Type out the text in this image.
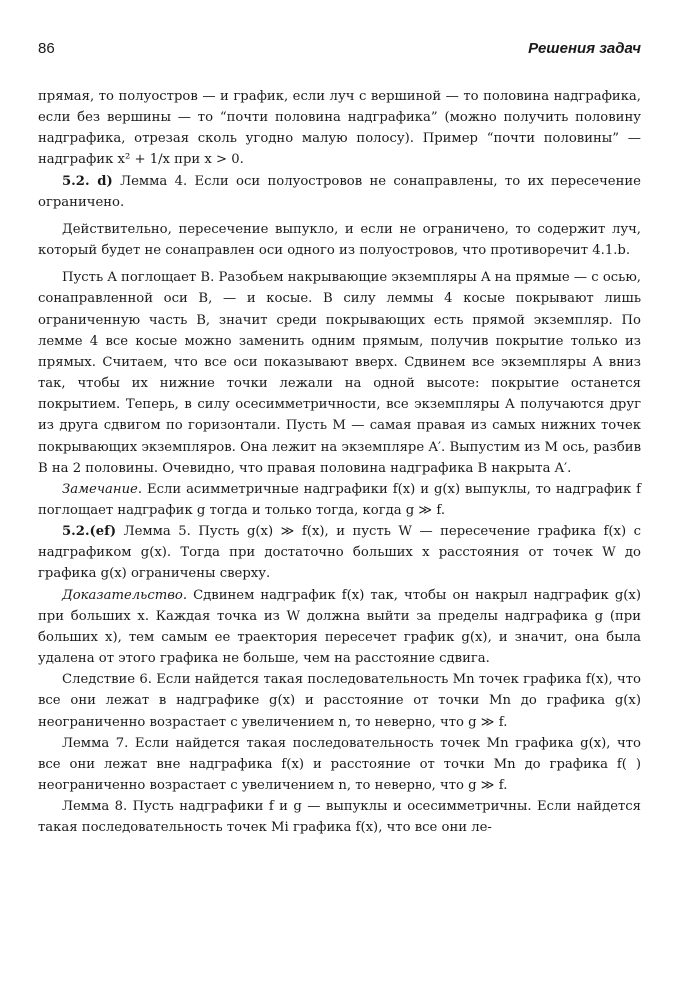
86	Решения задач

прямая, то полуостров — и график, если луч с вершиной — то половина надграфика, если без вершины — то “почти половина надграфика” (можно получить половину надграфика, отрезая сколь угодно малую полосу). Пример “почти половины” — надграфик x² + 1/x при x > 0.

5.2. d) Лемма 4. Если оси полуостровов не сонаправлены, то их пересечение ограничено.

Действительно, пересечение выпукло, и если не ограничено, то содержит луч, который будет не сонаправлен оси одного из полуостровов, что противоречит 4.1.b.

Пусть A поглощает B. Разобьем накрывающие экземпляры A на прямые — с осью, сонаправленной оси B, — и косые. В силу леммы 4 косые покрывают лишь ограниченную часть B, значит среди покрывающих есть прямой экземпляр. По лемме 4 все косые можно заменить одним прямым, получив покрытие только из прямых. Считаем, что все оси показывают вверх. Сдвинем все экземпляры A вниз так, чтобы их нижние точки лежали на одной высоте: покрытие останется покрытием. Теперь, в силу осесимметричности, все экземпляры A получаются друг из друга сдвигом по горизонтали. Пусть M — самая правая из самых нижних точек покрывающих экземпляров. Она лежит на экземпляре A′. Выпустим из M ось, разбив B на 2 половины. Очевидно, что правая половина надграфика B накрыта A′.

Замечание. Если асимметричные надграфики f(x) и g(x) выпуклы, то надграфик f поглощает надграфик g тогда и только тогда, когда g ≫ f.

5.2.(ef) Лемма 5. Пусть g(x) ≫ f(x), и пусть W — пересечение графика f(x) с надграфиком g(x). Тогда при достаточно больших x расстояния от точек W до графика g(x) ограничены сверху.

Доказательство. Сдвинем надграфик f(x) так, чтобы он накрыл надграфик g(x) при больших x. Каждая точка из W должна выйти за пределы надграфика g (при больших x), тем самым ее траектория пересечет график g(x), и значит, она была удалена от этого графика не больше, чем на расстояние сдвига.

Следствие 6. Если найдется такая последовательность Mn точек графика f(x), что все они лежат в надграфике g(x) и расстояние от точки Mn до графика g(x) неограниченно возрастает с увеличением n, то неверно, что g ≫ f.

Лемма 7. Если найдется такая последовательность точек Mn графика g(x), что все они лежат вне надграфика f(x) и расстояние от точки Mn до графика f( ) неограниченно возрастает с увеличением n, то неверно, что g ≫ f.

Лемма 8. Пусть надграфики f и g — выпуклы и осесимметричны. Если найдется такая последовательность точек Mi графика f(x), что все они ле-
